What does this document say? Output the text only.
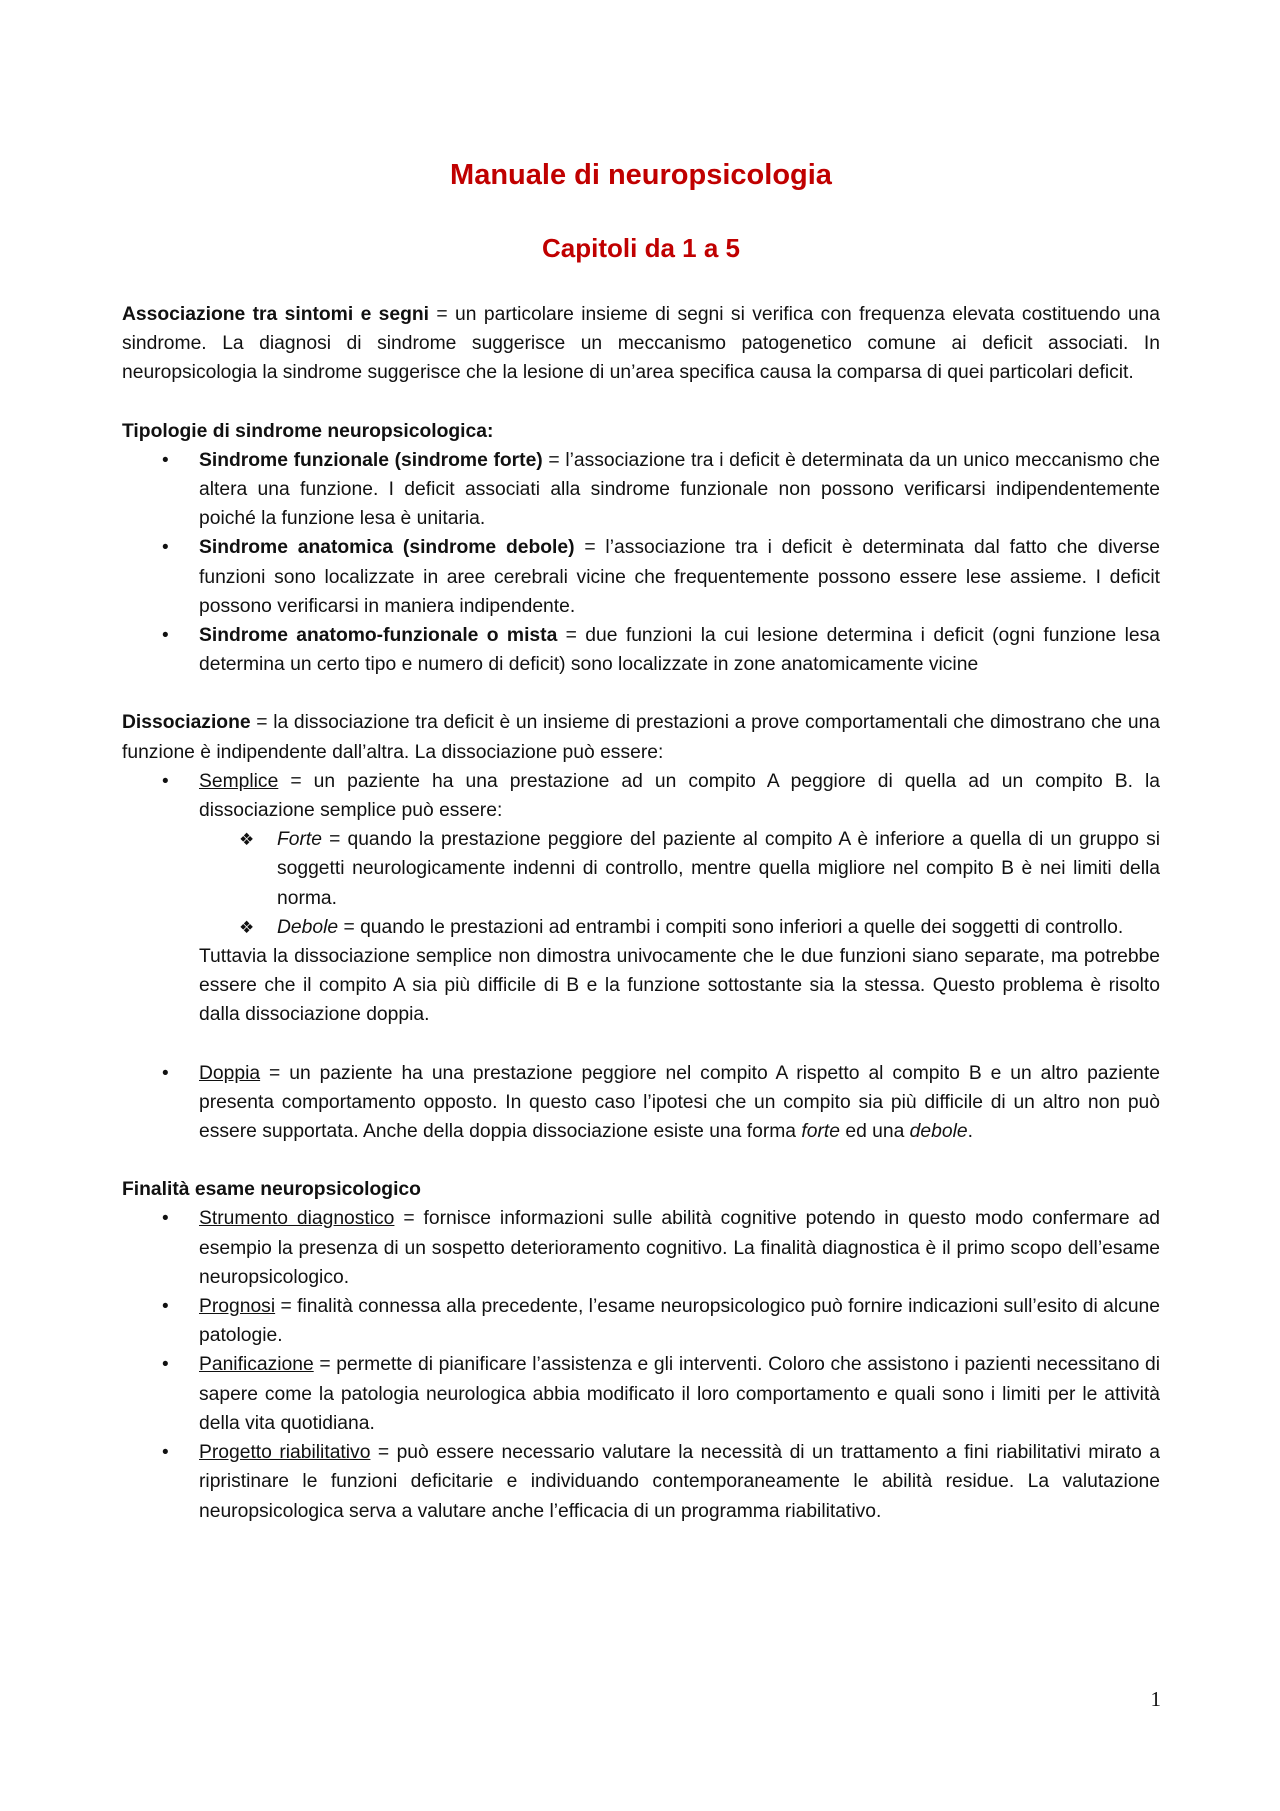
Manuale di neuropsicologia
Capitoli da 1 a 5

Associazione tra sintomi e segni = un particolare insieme di segni si verifica con frequenza elevata costituendo una sindrome. La diagnosi di sindrome suggerisce un meccanismo patogenetico comune ai deficit associati. In neuropsicologia la sindrome suggerisce che la lesione di un’area specifica causa la comparsa di quei particolari deficit.

Tipologie di sindrome neuropsicologica:

• Sindrome funzionale (sindrome forte) = l’associazione tra i deficit è determinata da un unico meccanismo che altera una funzione. I deficit associati alla sindrome funzionale non possono verificarsi indipendentemente poiché la funzione lesa è unitaria.
• Sindrome anatomica (sindrome debole) = l’associazione tra i deficit è determinata dal fatto che diverse funzioni sono localizzate in aree cerebrali vicine che frequentemente possono essere lese assieme. I deficit possono verificarsi in maniera indipendente.
• Sindrome anatomo-funzionale o mista = due funzioni la cui lesione determina i deficit (ogni funzione lesa determina un certo tipo e numero di deficit) sono localizzate in zone anatomicamente vicine

Dissociazione = la dissociazione tra deficit è un insieme di prestazioni a prove comportamentali che dimostrano che una funzione è indipendente dall’altra. La dissociazione può essere:

• Semplice = un paziente ha una prestazione ad un compito A peggiore di quella ad un compito B. la dissociazione semplice può essere:
❖ Forte = quando la prestazione peggiore del paziente al compito A è inferiore a quella di un gruppo si soggetti neurologicamente indenni di controllo, mentre quella migliore nel compito B è nei limiti della norma.
❖ Debole = quando le prestazioni ad entrambi i compiti sono inferiori a quelle dei soggetti di controllo.
Tuttavia la dissociazione semplice non dimostra univocamente che le due funzioni siano separate, ma potrebbe essere che il compito A sia più difficile di B e la funzione sottostante sia la stessa. Questo problema è risolto dalla dissociazione doppia.
• Doppia = un paziente ha una prestazione peggiore nel compito A rispetto al compito B e un altro paziente presenta comportamento opposto. In questo caso l’ipotesi che un compito sia più difficile di un altro non può essere supportata. Anche della doppia dissociazione esiste una forma forte ed una debole.

Finalità esame neuropsicologico

• Strumento diagnostico = fornisce informazioni sulle abilità cognitive potendo in questo modo confermare ad esempio la presenza di un sospetto deterioramento cognitivo. La finalità diagnostica è il primo scopo dell’esame neuropsicologico.
• Prognosi = finalità connessa alla precedente, l’esame neuropsicologico può fornire indicazioni sull’esito di alcune patologie.
• Panificazione = permette di pianificare l’assistenza e gli interventi. Coloro che assistono i pazienti necessitano di sapere come la patologia neurologica abbia modificato il loro comportamento e quali sono i limiti per le attività della vita quotidiana.
• Progetto riabilitativo = può essere necessario valutare la necessità di un trattamento a fini riabilitativi mirato a ripristinare le funzioni deficitarie e individuando contemporaneamente le abilità residue. La valutazione neuropsicologica serva a valutare anche l’efficacia di un programma riabilitativo.
1
